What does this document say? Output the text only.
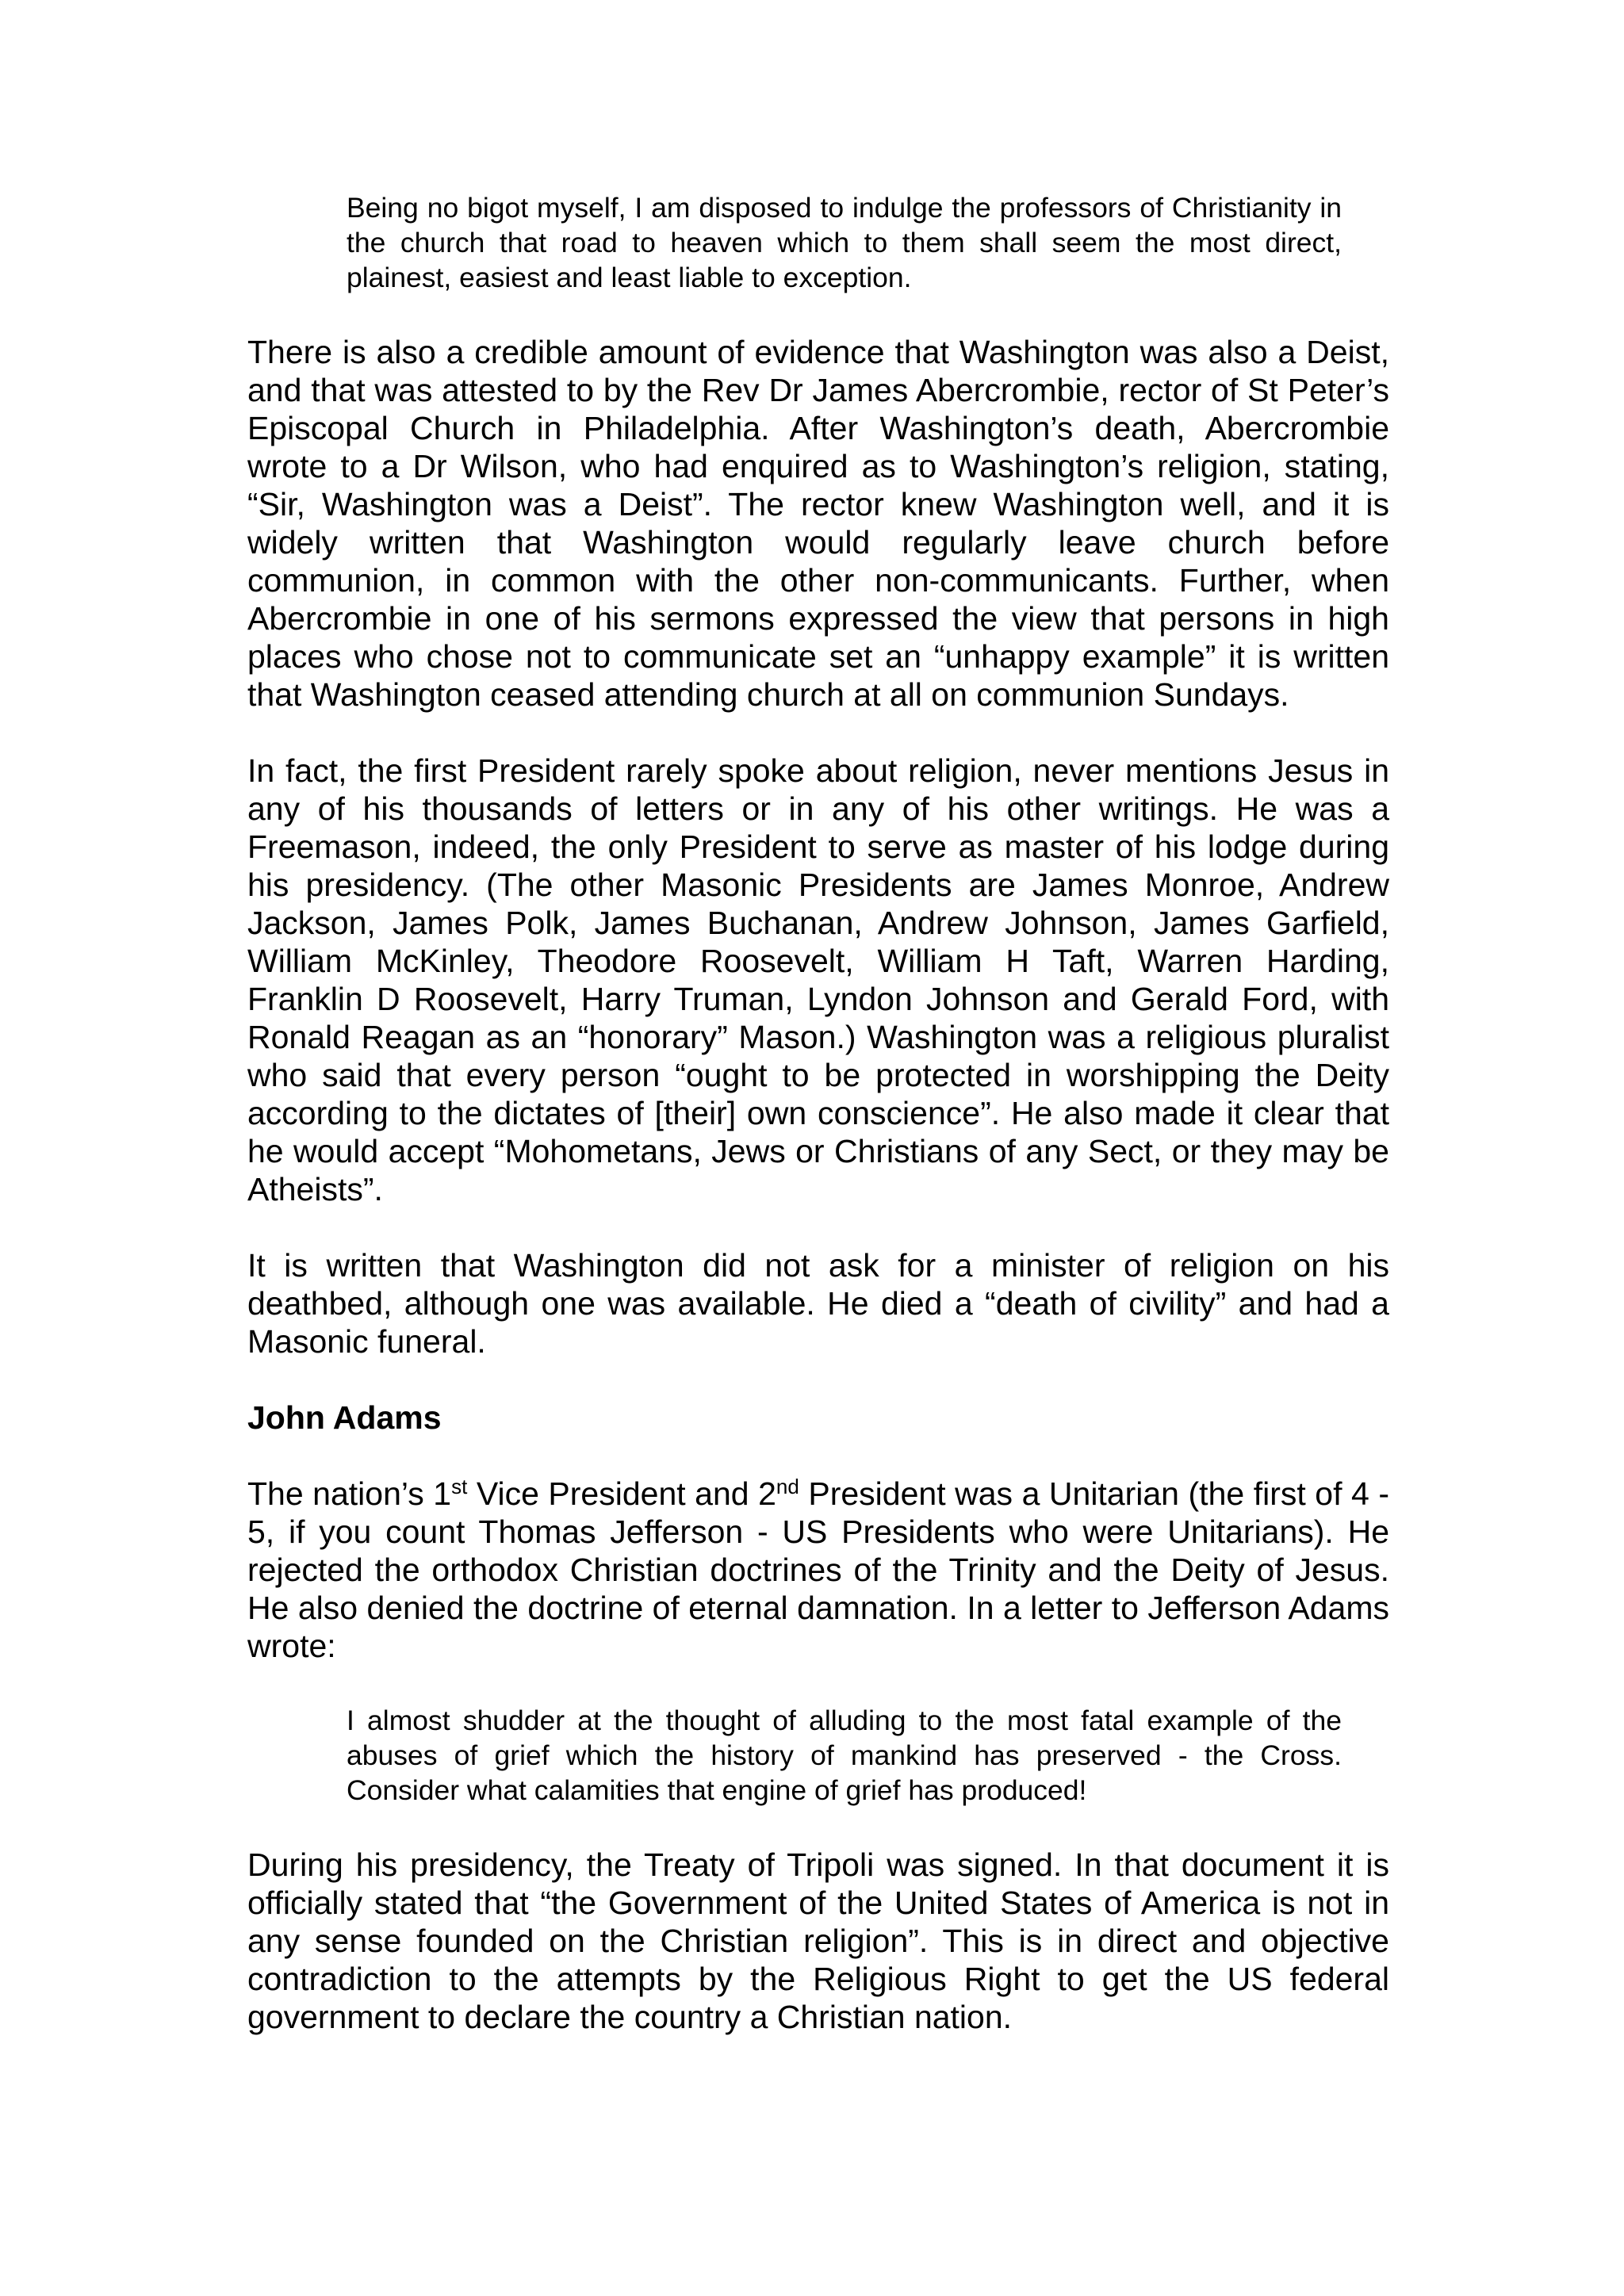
Being no bigot myself, I am disposed to indulge the professors of Christianity in the church that road to heaven which to them shall seem the most direct, plainest, easiest and least liable to exception.

There is also a credible amount of evidence that Washington was also a Deist, and that was attested to by the Rev Dr James Abercrombie, rector of St Peter’s Episcopal Church in Philadelphia. After Washington’s death, Abercrombie wrote to a Dr Wilson, who had enquired as to Washington’s religion, stating, “Sir, Washington was a Deist”. The rector knew Washington well, and it is widely written that Washington would regularly leave church before communion, in common with the other non-communicants. Further, when Abercrombie in one of his sermons expressed the view that persons in high places who chose not to communicate set an “unhappy example” it is written that Washington ceased attending church at all on communion Sundays.

In fact, the first President rarely spoke about religion, never mentions Jesus in any of his thousands of letters or in any of his other writings. He was a Freemason, indeed, the only President to serve as master of his lodge during his presidency. (The other Masonic Presidents are James Monroe, Andrew Jackson, James Polk, James Buchanan, Andrew Johnson, James Garfield, William McKinley, Theodore Roosevelt, William H Taft, Warren Harding, Franklin D Roosevelt, Harry Truman, Lyndon Johnson and Gerald Ford, with Ronald Reagan as an “honorary” Mason.) Washington was a religious pluralist who said that every person “ought to be protected in worshipping the Deity according to the dictates of [their] own conscience”. He also made it clear that he would accept “Mohometans, Jews or Christians of any Sect, or they may be Atheists”.

It is written that Washington did not ask for a minister of religion on his deathbed, although one was available. He died a “death of civility” and had a Masonic funeral.

John Adams

The nation’s 1st Vice President and 2nd President was a Unitarian (the first of 4 - 5, if you count Thomas Jefferson - US Presidents who were Unitarians). He rejected the orthodox Christian doctrines of the Trinity and the Deity of Jesus. He also denied the doctrine of eternal damnation. In a letter to Jefferson Adams wrote:

I almost shudder at the thought of alluding to the most fatal example of the abuses of grief which the history of mankind has preserved - the Cross. Consider what calamities that engine of grief has produced!

During his presidency, the Treaty of Tripoli was signed. In that document it is officially stated that “the Government of the United States of America is not in any sense founded on the Christian religion”. This is in direct and objective contradiction to the attempts by the Religious Right to get the US federal government to declare the country a Christian nation.
